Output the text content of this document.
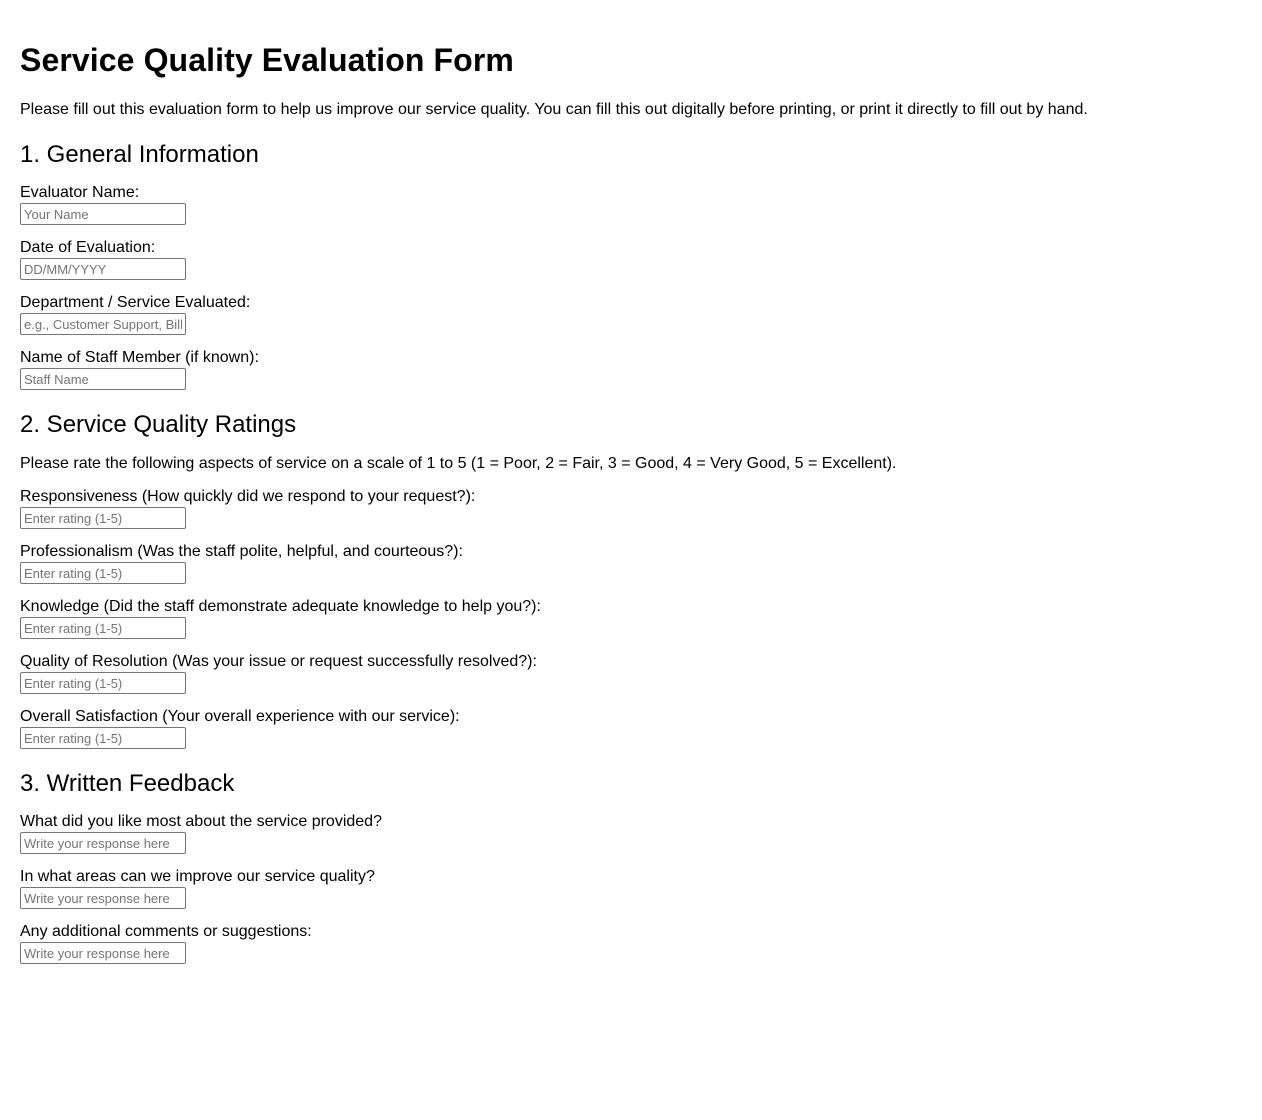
Service Quality Evaluation Form

Please fill out this evaluation form to help us improve our service quality. You can fill this out digitally before printing, or print it directly to fill out by hand.

1. General Information
Evaluator Name:
Your Name
Date of Evaluation:
DD/MM/YYYY
Department / Service Evaluated:
e.g., Customer Support, Billing
Name of Staff Member (if known):
Staff Name
2. Service Quality Ratings

Please rate the following aspects of service on a scale of 1 to 5 (1 = Poor, 2 = Fair, 3 = Good, 4 = Very Good, 5 = Excellent).

Responsiveness (How quickly did we respond to your request?):
Enter rating (1-5)
Professionalism (Was the staff polite, helpful, and courteous?):
Enter rating (1-5)
Knowledge (Did the staff demonstrate adequate knowledge to help you?):
Enter rating (1-5)
Quality of Resolution (Was your issue or request successfully resolved?):
Enter rating (1-5)
Overall Satisfaction (Your overall experience with our service):
Enter rating (1-5)
3. Written Feedback
What did you like most about the service provided?
Write your response here
In what areas can we improve our service quality?
Write your response here
Any additional comments or suggestions:
Write your response here
